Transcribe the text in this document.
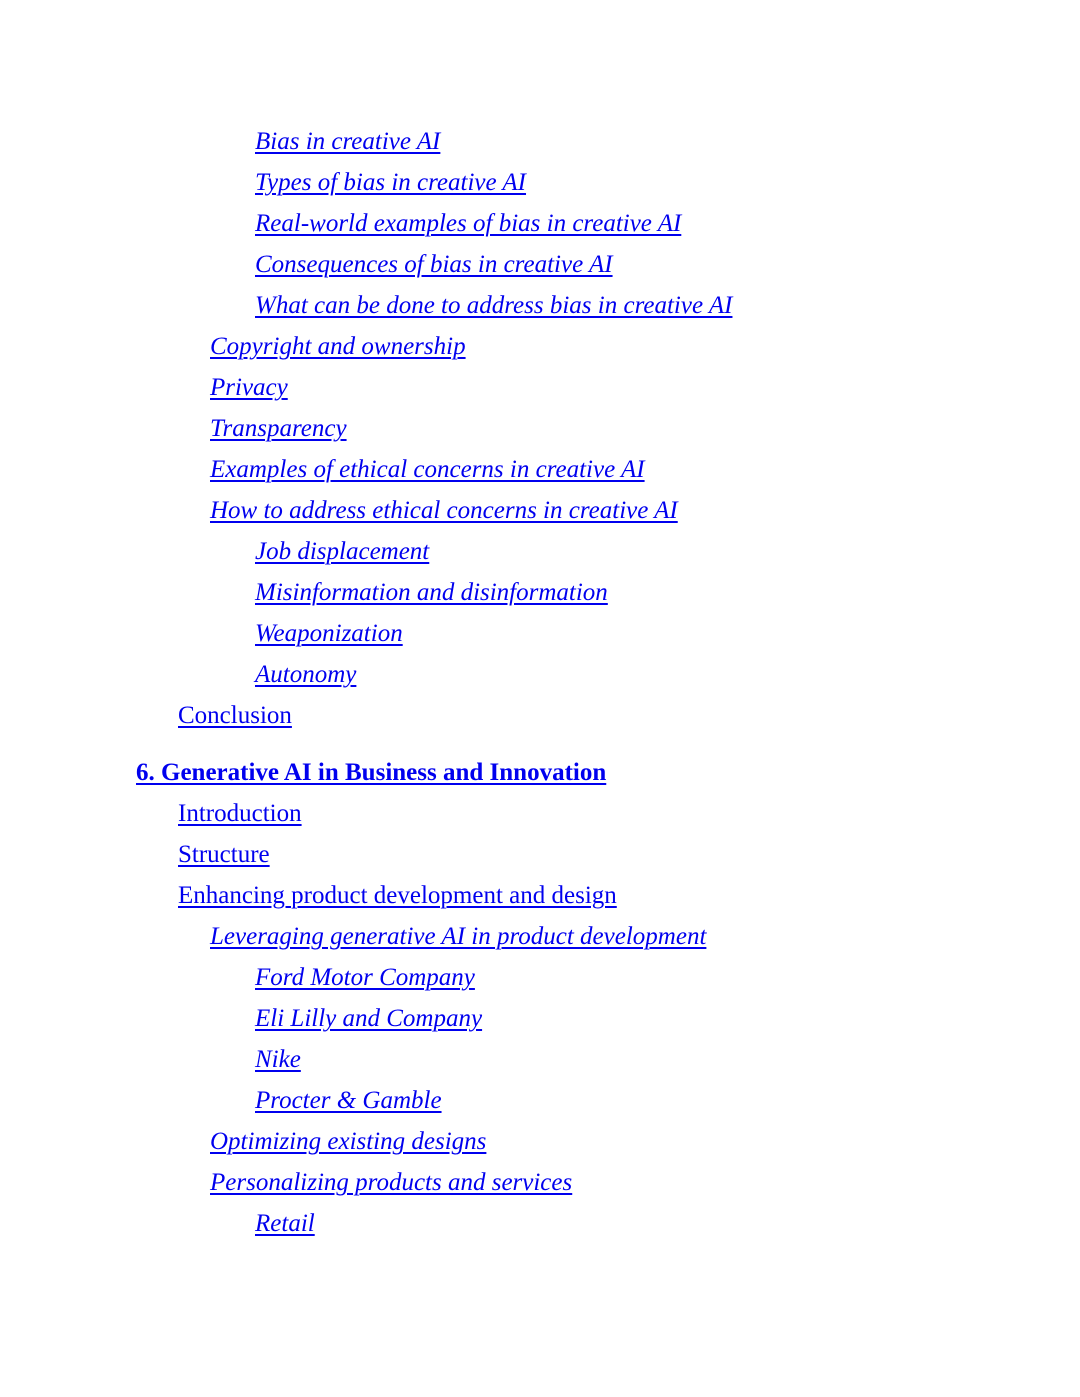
Bias in creative AI
Types of bias in creative AI
Real-world examples of bias in creative AI
Consequences of bias in creative AI
What can be done to address bias in creative AI
Copyright and ownership
Privacy
Transparency
Examples of ethical concerns in creative AI
How to address ethical concerns in creative AI
Job displacement
Misinformation and disinformation
Weaponization
Autonomy
Conclusion
6. Generative AI in Business and Innovation
Introduction
Structure
Enhancing product development and design
Leveraging generative AI in product development
Ford Motor Company
Eli Lilly and Company
Nike
Procter & Gamble
Optimizing existing designs
Personalizing products and services
Retail
